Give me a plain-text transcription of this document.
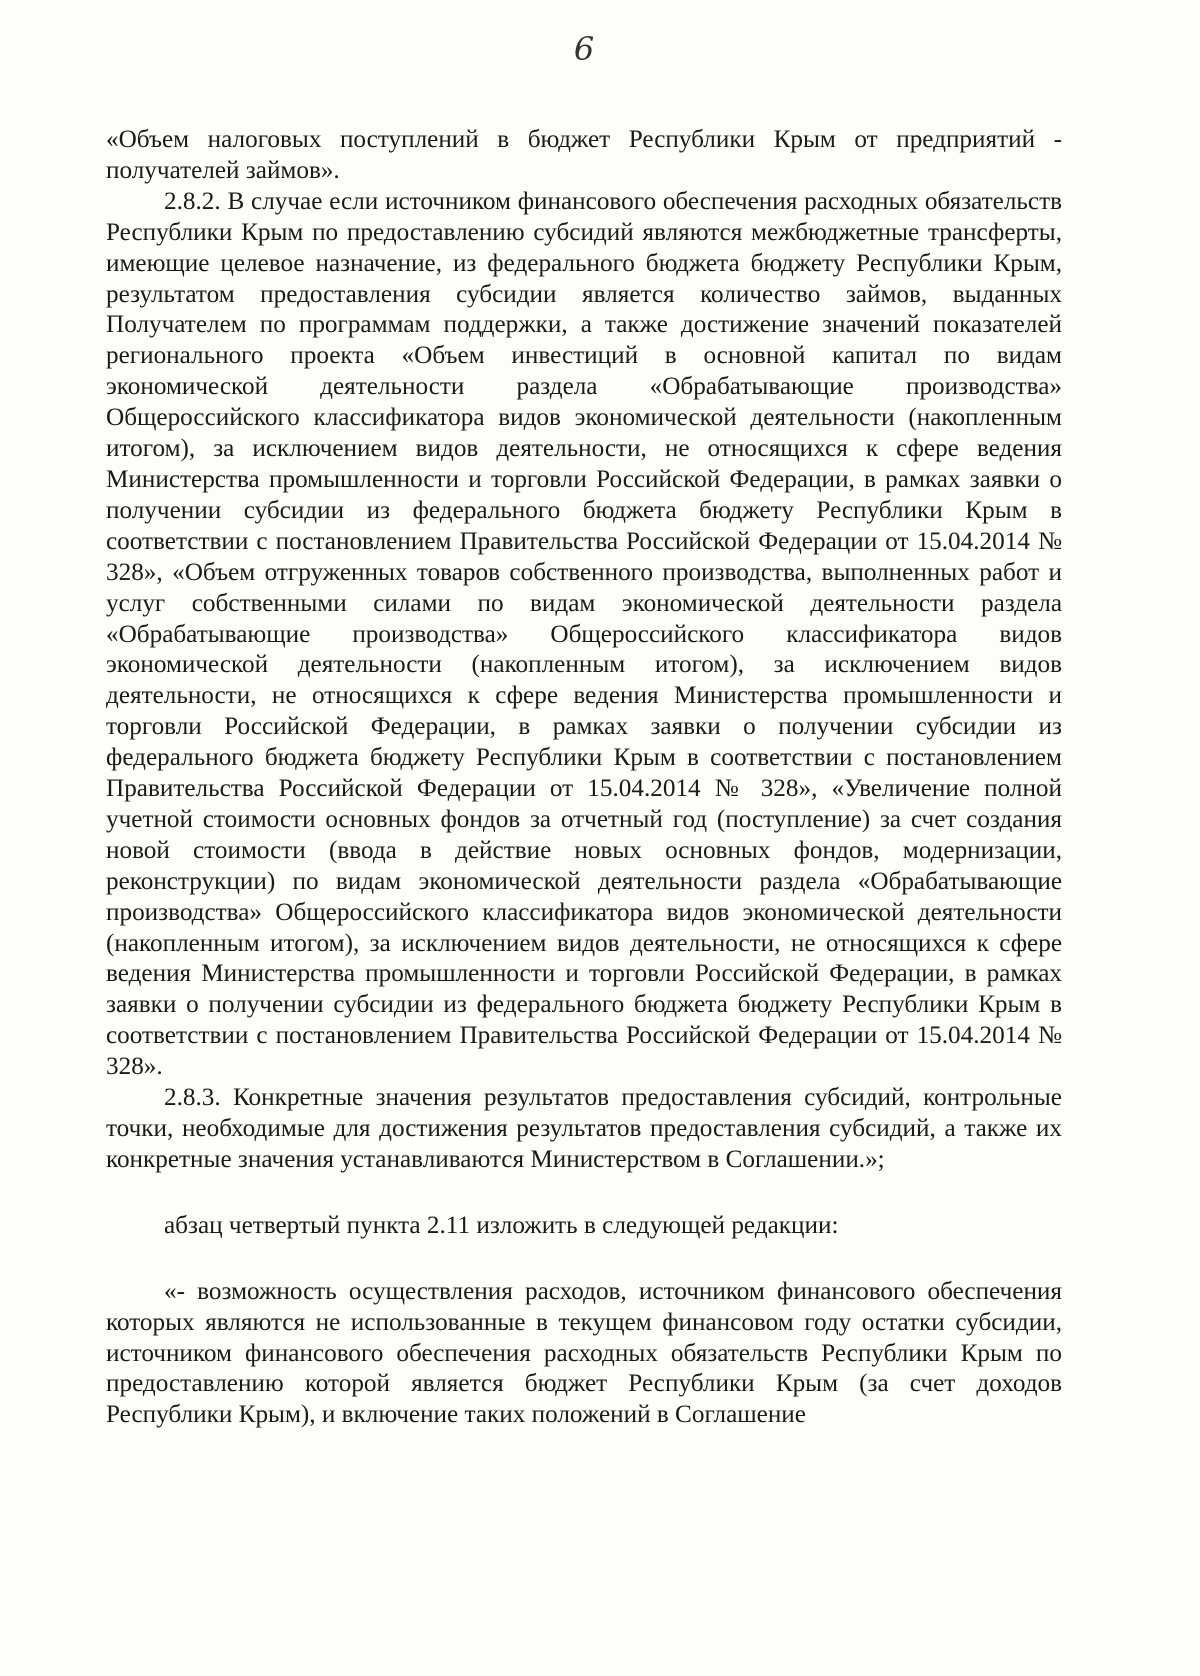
6

«Объем налоговых поступлений в бюджет Республики Крым от предприятий - получателей займов».

2.8.2. В случае если источником финансового обеспечения расходных обязательств Республики Крым по предоставлению субсидий являются межбюджетные трансферты, имеющие целевое назначение, из федерального бюджета бюджету Республики Крым, результатом предоставления субсидии является количество займов, выданных Получателем по программам поддержки, а также достижение значений показателей регионального проекта «Объем инвестиций в основной капитал по видам экономической деятельности раздела «Обрабатывающие производства» Общероссийского классификатора видов экономической деятельности (накопленным итогом), за исключением видов деятельности, не относящихся к сфере ведения Министерства промышленности и торговли Российской Федерации, в рамках заявки о получении субсидии из федерального бюджета бюджету Республики Крым в соответствии с постановлением Правительства Российской Федерации от 15.04.2014 № 328», «Объем отгруженных товаров собственного производства, выполненных работ и услуг собственными силами по видам экономической деятельности раздела «Обрабатывающие производства» Общероссийского классификатора видов экономической деятельности (накопленным итогом), за исключением видов деятельности, не относящихся к сфере ведения Министерства промышленности и торговли Российской Федерации, в рамках заявки о получении субсидии из федерального бюджета бюджету Республики Крым в соответствии с постановлением Правительства Российской Федерации от 15.04.2014 № 328», «Увеличение полной учетной стоимости основных фондов за отчетный год (поступление) за счет создания новой стоимости (ввода в действие новых основных фондов, модернизации, реконструкции) по видам экономической деятельности раздела «Обрабатывающие производства» Общероссийского классификатора видов экономической деятельности (накопленным итогом), за исключением видов деятельности, не относящихся к сфере ведения Министерства промышленности и торговли Российской Федерации, в рамках заявки о получении субсидии из федерального бюджета бюджету Республики Крым в соответствии с постановлением Правительства Российской Федерации от 15.04.2014 № 328».

2.8.3. Конкретные значения результатов предоставления субсидий, контрольные точки, необходимые для достижения результатов предоставления субсидий, а также их конкретные значения устанавливаются Министерством в Соглашении.»;

абзац четвертый пункта 2.11 изложить в следующей редакции:

«- возможность осуществления расходов, источником финансового обеспечения которых являются не использованные в текущем финансовом году остатки субсидии, источником финансового обеспечения расходных обязательств Республики Крым по предоставлению которой является бюджет Республики Крым (за счет доходов Республики Крым), и включение таких положений в Соглашение
